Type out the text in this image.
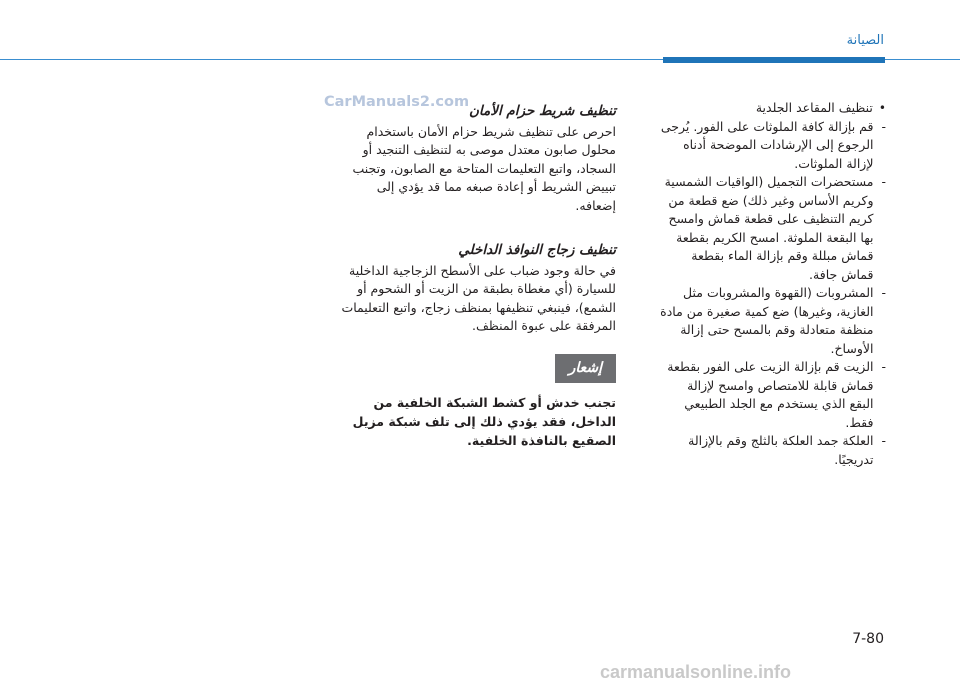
الصيانة
CarManuals2.com	•
تنظيف المقاعد الجلدية
-
قم بإزالة كافة الملوثات على الفور. يُرجى الرجوع إلى الإرشادات الموضحة أدناه لإزالة الملوثات.
-
مستحضرات التجميل (الواقيات الشمسية وكريم الأساس وغير ذلك) ضع قطعة من كريم التنظيف على قطعة قماش وامسح بها البقعة الملوثة. امسح الكريم بقطعة قماش مبللة وقم بإزالة الماء بقطعة قماش جافة.
-
المشروبات (القهوة والمشروبات مثل الغازية، وغيرها) ضع كمية صغيرة من مادة منظفة متعادلة وقم بالمسح حتى إزالة الأوساخ.
-
الزيت قم بإزالة الزيت على الفور بقطعة قماش قابلة للامتصاص وامسح لإزالة البقع الذي يستخدم مع الجلد الطبيعي فقط.
-
العلكة جمد العلكة بالثلج وقم بالإزالة تدريجيًا.
تنظيف شريط حزام الأمان
احرص على تنظيف شريط حزام الأمان باستخدام محلول صابون معتدل موصى به لتنظيف التنجيد أو السجاد، واتبع التعليمات المتاحة مع الصابون، وتجنب تبييض الشريط أو إعادة صبغه مما قد يؤدي إلى إضعافه.
تنظيف زجاج النوافذ الداخلي
في حالة وجود ضباب على الأسطح الزجاجية الداخلية للسيارة (أي مغطاة بطبقة من الزيت أو الشحوم أو الشمع)، فينبغي تنظيفها بمنظف زجاج، واتبع التعليمات المرفقة على عبوة المنظف.
إشعار
تجنب خدش أو كشط الشبكة الخلفية من الداخل، فقد يؤدي ذلك إلى تلف شبكة مزيل الصقيع بالنافذة الخلفية.
7-80
carmanualsonline.info
